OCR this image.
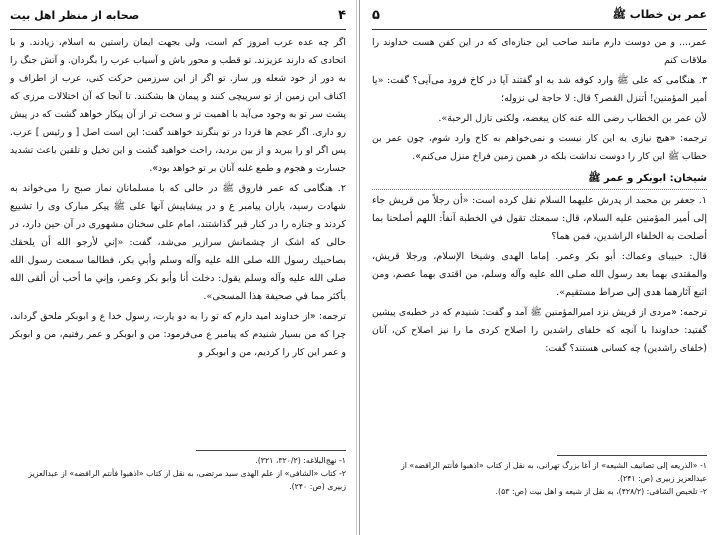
۴
صحابه از منظر اهل بیت

اگر چه عده عرب امروز کم است، ولی بجهت ایمان راستین به اسلام، زیادند. و با اتحادی که دارند عزیزند. تو قطب و محور باش و آسیاب عرب را بگردان. و آتش جنگ را به دور از خود شعله ور ساز. تو اگر از این سرزمین حرکت کنی، عرب از اطراف و اکناف این زمین از تو سرپیچی کنند و پیمان ها بشکنند. تا آنجا که آن اختلالات مرزی که پشت سر تو به وجود می‌آید با اهمیت تر و سخت تر از آن پیکار خواهد گشت که در پیش رو داری. اگر عجم ها فردا در تو بنگرند خواهند گفت: این است اصل [ و رئیس ] عرب. پس اگر او را ببرید و از بین بردید، راحت خواهید گشت و این تخیل و تلقین باعث تشدید جسارت و هجوم و طمع غلبه آنان بر تو خواهد بود».

۲. هنگامی که عمر فاروق ﷺ در حالی که با مسلمانان نماز صبح را می‌خواند به شهادت رسید، یاران پیامبر ع و در پیشاپیش آنها علی ﷺ پیکر مبارک وی را تشییع کردند و جنازه را در کنار قبر گذاشتند، امام علی سخنان مشهوری در آن حین دارد، در حالی که اشک از چشمانش سرازیر می‌شد، گفت: «إني لأرجو الله أن یلحقك بصاحبیك رسول الله صلی الله علیه وآله وسلم وأبي بکر، فطالما سمعت رسول الله صلی الله علیه وآله وسلم یقول: دخلت أنا وأبو بکر وعمر، وإني ما أحب أن ألقی الله بأکثر مما في صحیفة هذا المسجی».

ترجمه: «از خداوند امید دارم که تو را به دو یارت، رسول خدا ع و ابوبکر ملحق گرداند، چرا که من بسیار شنیدم که پیامبر ع می‌فرمود: من و ابوبکر و عمر رفتیم، من و ابوبکر و عمر این کار را کردیم، من و ابوبکر و

۱- نهج‌البلاغه: (۳۲۰/۲، ۳۲۱).

۲- کتاب «الشافی» از علم الهدی سید مرتضی، به نقل از کتاب «اذهبوا فأنتم الرافضه» از عبدالعزیز زبیری (ص: ۲۴۰).

عمر بن خطاب ﷺ
۵

عمر،... و من دوست دارم مانند صاحب این جنازه‌ای که در این کفن هست خداوند را ملاقات کنم

۳. هنگامی که علی ﷺ وارد کوفه شد به او گفتند آیا در کاخ فرود می‌آیی؟ گفت: «یا أمیر المؤمنین! أتنزل القصر؟ قال: لا حاجة لی نزوله؛

لأن عمر بن الخطاب رضی الله عنه کان یبغضه، ولکنی نازل الرحبة».

ترجمه: «هیچ نیازی به این کار نیست و نمی‌خواهم به کاخ وارد شوم، چون عمر بن خطاب ﷺ این کار را دوست نداشت بلکه در همین زمین فراخ منزل می‌کنم».

شیخان: ابوبکر و عمر ﷺ

۱. جعفر بن محمد از پدرش علیهما السلام نقل کرده است: «أن رجلاً من قریش جاء إلی أمیر المؤمنین علیه السلام، قال: سمعتك تقول في الخطبة آنفاً: اللهم أصلحنا بما أصلحت به الخلفاء الراشدین، فمن هما؟

قال: حبیبای وعماك: أبو بکر وعمر. إماما الهدی وشیخا الإسلام، ورجلا قریش، والمقتدی بهما بعد رسول الله صلی الله علیه وآله وسلم، من اقتدی بهما عصم، ومن اتبع آثارهما هدی إلی صراط مستقیم».

ترجمه: «مردی از قریش نزد امیرالمؤمنین ﷺ آمد و گفت: شنیدم که در خطبه‌ی پیشین گفتید: خداوندا با آنچه که خلفای راشدین را اصلاح کردی ما را نیز اصلاح کن، آنان (خلفای راشدین) چه کسانی هستند؟ گفت:

۱- «الذریعه إلی تصانیف الشیعه» از آغا بزرگ تهرانی، به نقل از کتاب «اذهبوا فأنتم الرافضه» از عبدالعزیز زبیری (ص: ۲۴۱).

۲- تلخیص الشافی: (۴۲۸/۲)، به نقل از شیعه و اهل بیت (ص: ۵۳).
